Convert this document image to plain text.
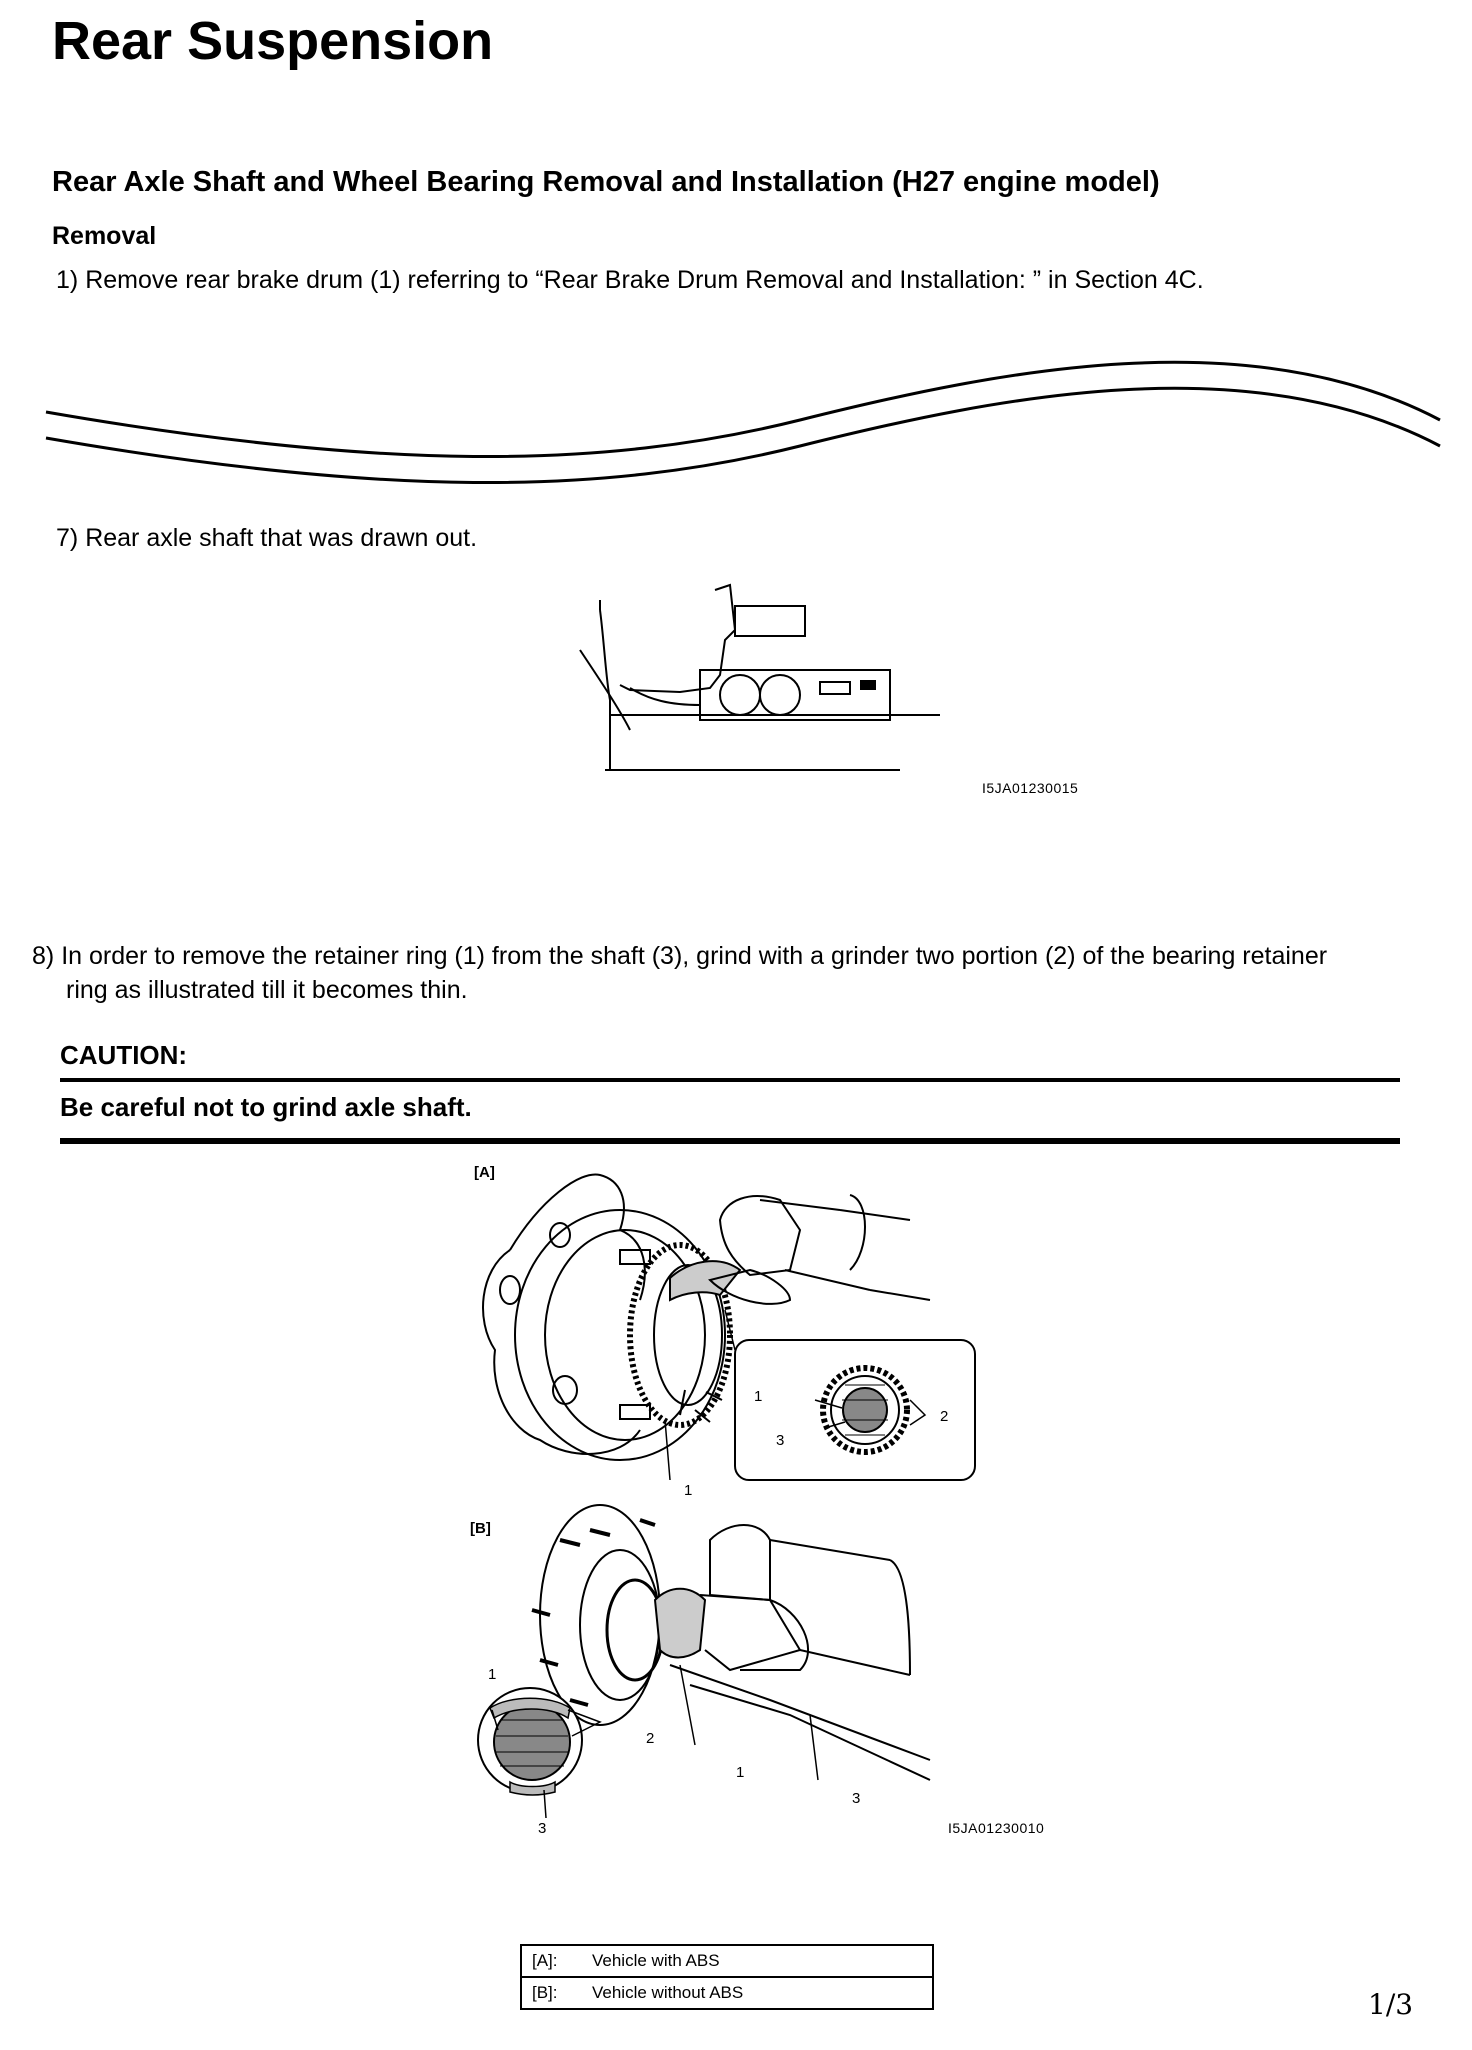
Rear Suspension
Rear Axle Shaft and Wheel Bearing Removal and Installation (H27 engine model)
Removal
1) Remove rear brake drum (1) referring to “Rear Brake Drum Removal and Installation: ” in Section 4C.
7) Rear axle shaft that was drawn out.
I5JA01230015
8) In order to remove the retainer ring (1) from the shaft (3), grind with a grinder two portion (2) of the bearing retainer
ring as illustrated till it becomes thin.
CAUTION:
Be careful not to grind axle shaft.
[A]
[B]
1
2
3
1
1
2
1
3
3	I5JA01230010
[A]:	Vehicle with ABS
[B]:	Vehicle without ABS	1/3
